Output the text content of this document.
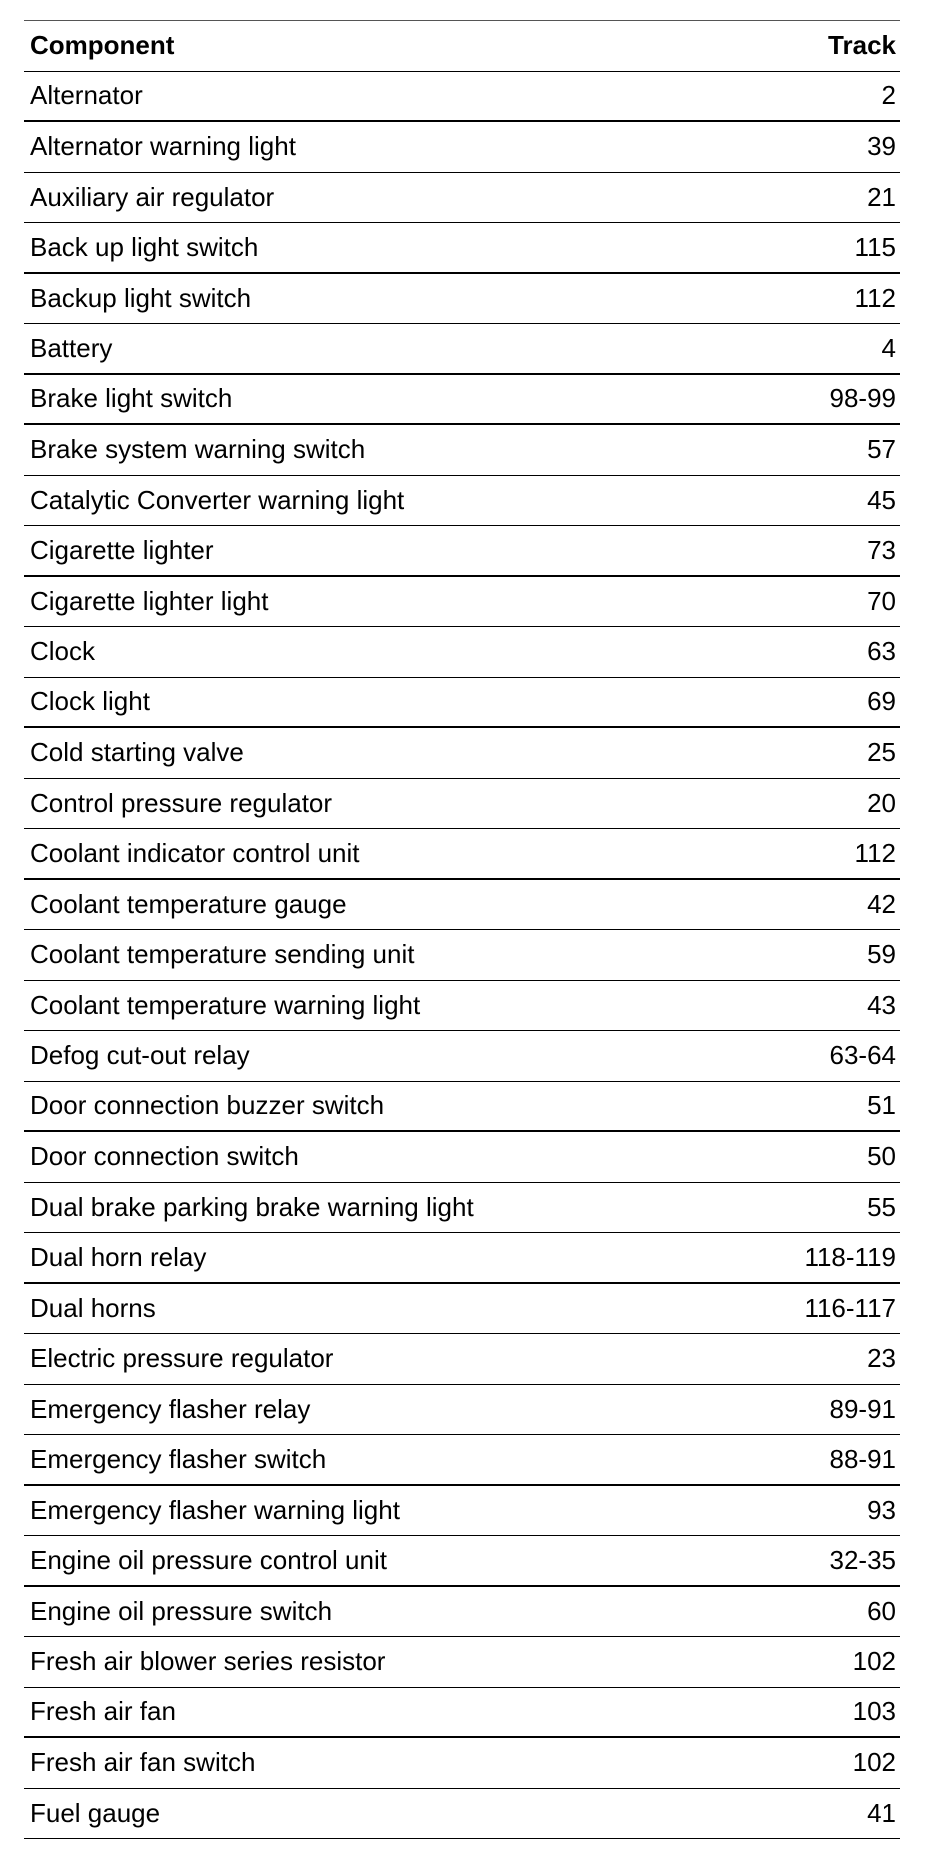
Component	Track
Alternator	2
Alternator warning light	39
Auxiliary air regulator	21
Back up light switch	115
Backup light switch	112
Battery	4
Brake light switch	98-99
Brake system warning switch	57
Catalytic Converter warning light	45
Cigarette lighter	73
Cigarette lighter light	70
Clock	63
Clock light	69
Cold starting valve	25
Control pressure regulator	20
Coolant indicator control unit	112
Coolant temperature gauge	42
Coolant temperature sending unit	59
Coolant temperature warning light	43
Defog cut-out relay	63-64
Door connection buzzer switch	51
Door connection switch	50
Dual brake parking brake warning light	55
Dual horn relay	118-119
Dual horns	116-117
Electric pressure regulator	23
Emergency flasher relay	89-91
Emergency flasher switch	88-91
Emergency flasher warning light	93
Engine oil pressure control unit	32-35
Engine oil pressure switch	60
Fresh air blower series resistor	102
Fresh air fan	103
Fresh air fan switch	102
Fuel gauge	41
